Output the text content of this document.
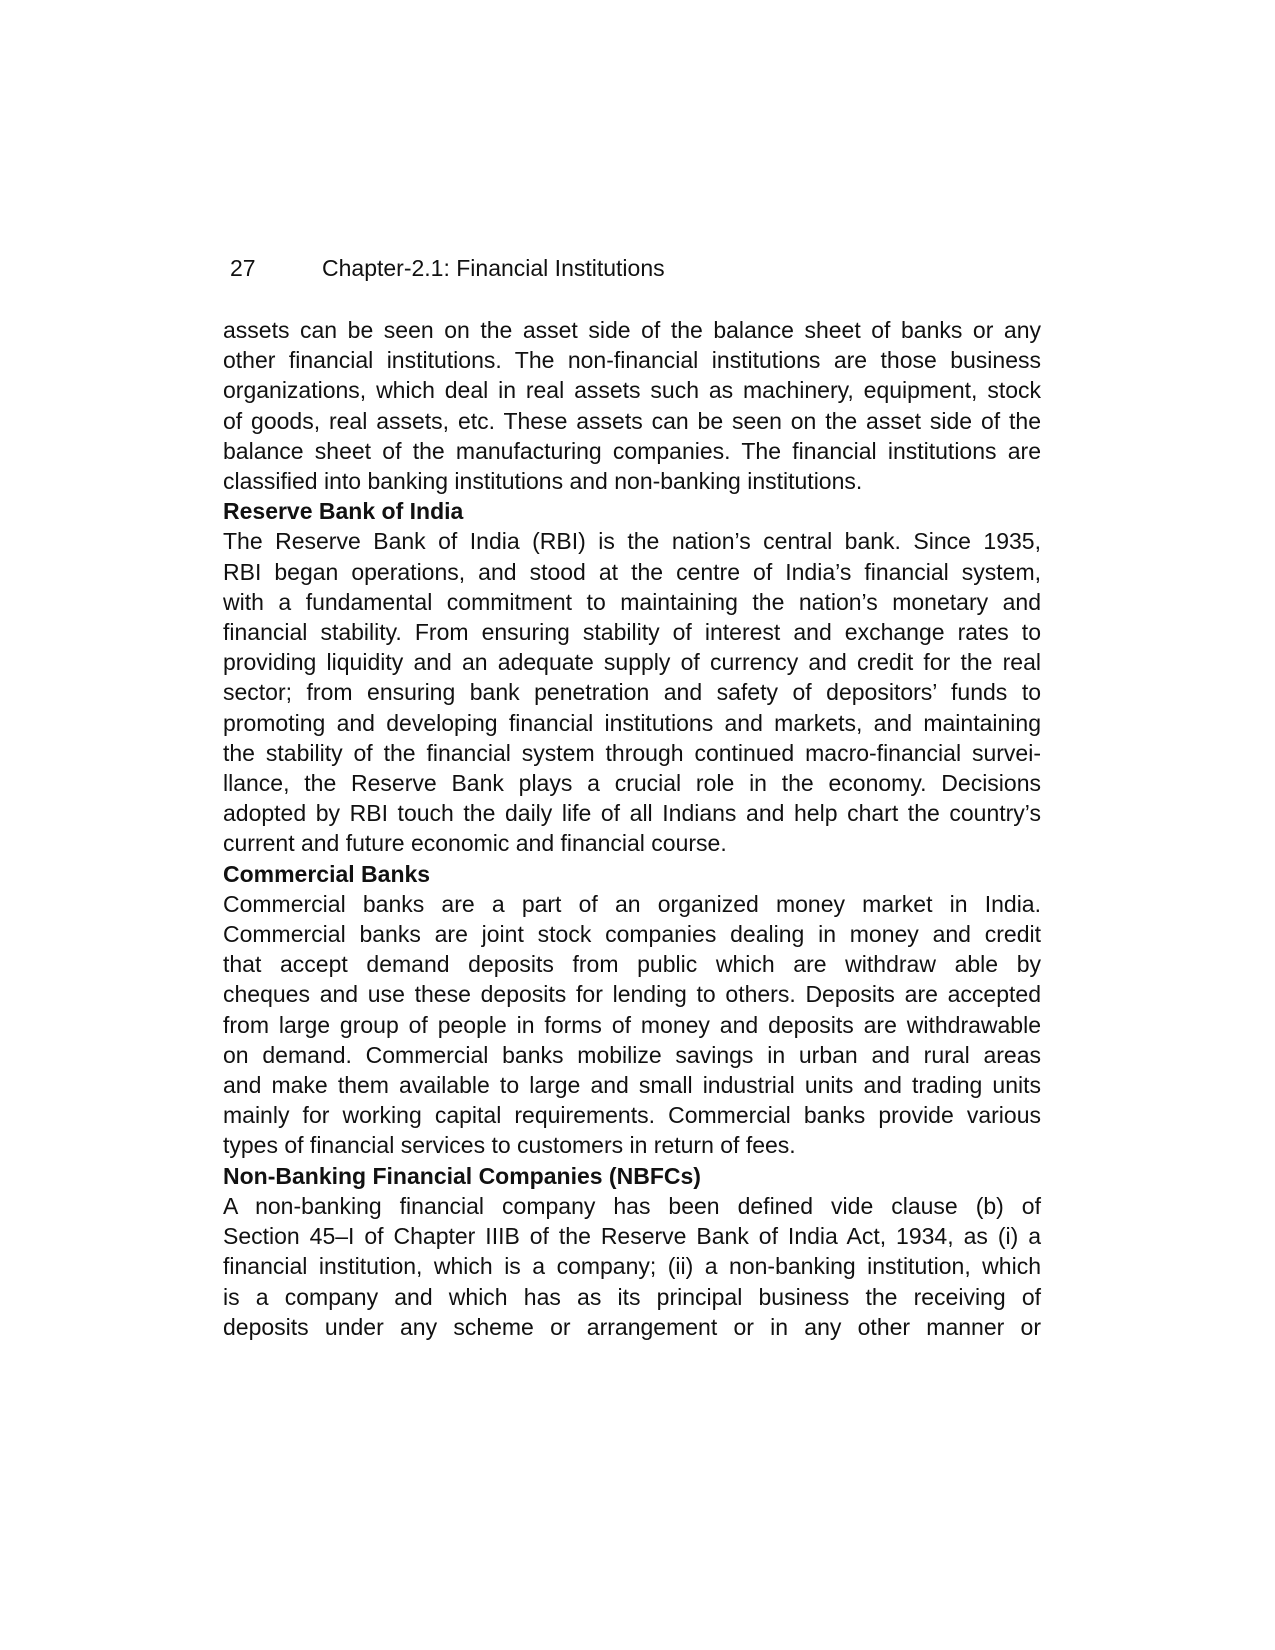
27	Chapter-2.1: Financial Institutions

assets can be seen on the asset side of the balance sheet of banks or any
other financial institutions. The non-financial institutions are those business
organizations, which deal in real assets such as machinery, equipment, stock
of goods, real assets, etc. These assets can be seen on the asset side of the
balance sheet of the manufacturing companies. The financial institutions are
classified into banking institutions and non-banking institutions.

Reserve Bank of India

The Reserve Bank of India (RBI) is the nation’s central bank. Since 1935,
RBI began operations, and stood at the centre of India’s financial system,
with a fundamental commitment to maintaining the nation’s monetary and
financial stability. From ensuring stability of interest and exchange rates to
providing liquidity and an adequate supply of currency and credit for the real
sector; from ensuring bank penetration and safety of depositors’ funds to
promoting and developing financial institutions and markets, and maintaining
the stability of the financial system through continued macro-financial survei-
llance, the Reserve Bank plays a crucial role in the economy. Decisions
adopted by RBI touch the daily life of all Indians and help chart the country’s
current and future economic and financial course.

Commercial Banks

Commercial banks are a part of an organized money market in India.
Commercial banks are joint stock companies dealing in money and credit
that accept demand deposits from public which are withdraw able by
cheques and use these deposits for lending to others. Deposits are accepted
from large group of people in forms of money and deposits are withdrawable
on demand. Commercial banks mobilize savings in urban and rural areas
and make them available to large and small industrial units and trading units
mainly for working capital requirements. Commercial banks provide various
types of financial services to customers in return of fees.

Non-Banking Financial Companies (NBFCs)

A non-banking financial company has been defined vide clause (b) of
Section 45–I of Chapter IIIB of the Reserve Bank of India Act, 1934, as (i) a
financial institution, which is a company; (ii) a non-banking institution, which
is a company and which has as its principal business the receiving of
deposits under any scheme or arrangement or in any other manner or
